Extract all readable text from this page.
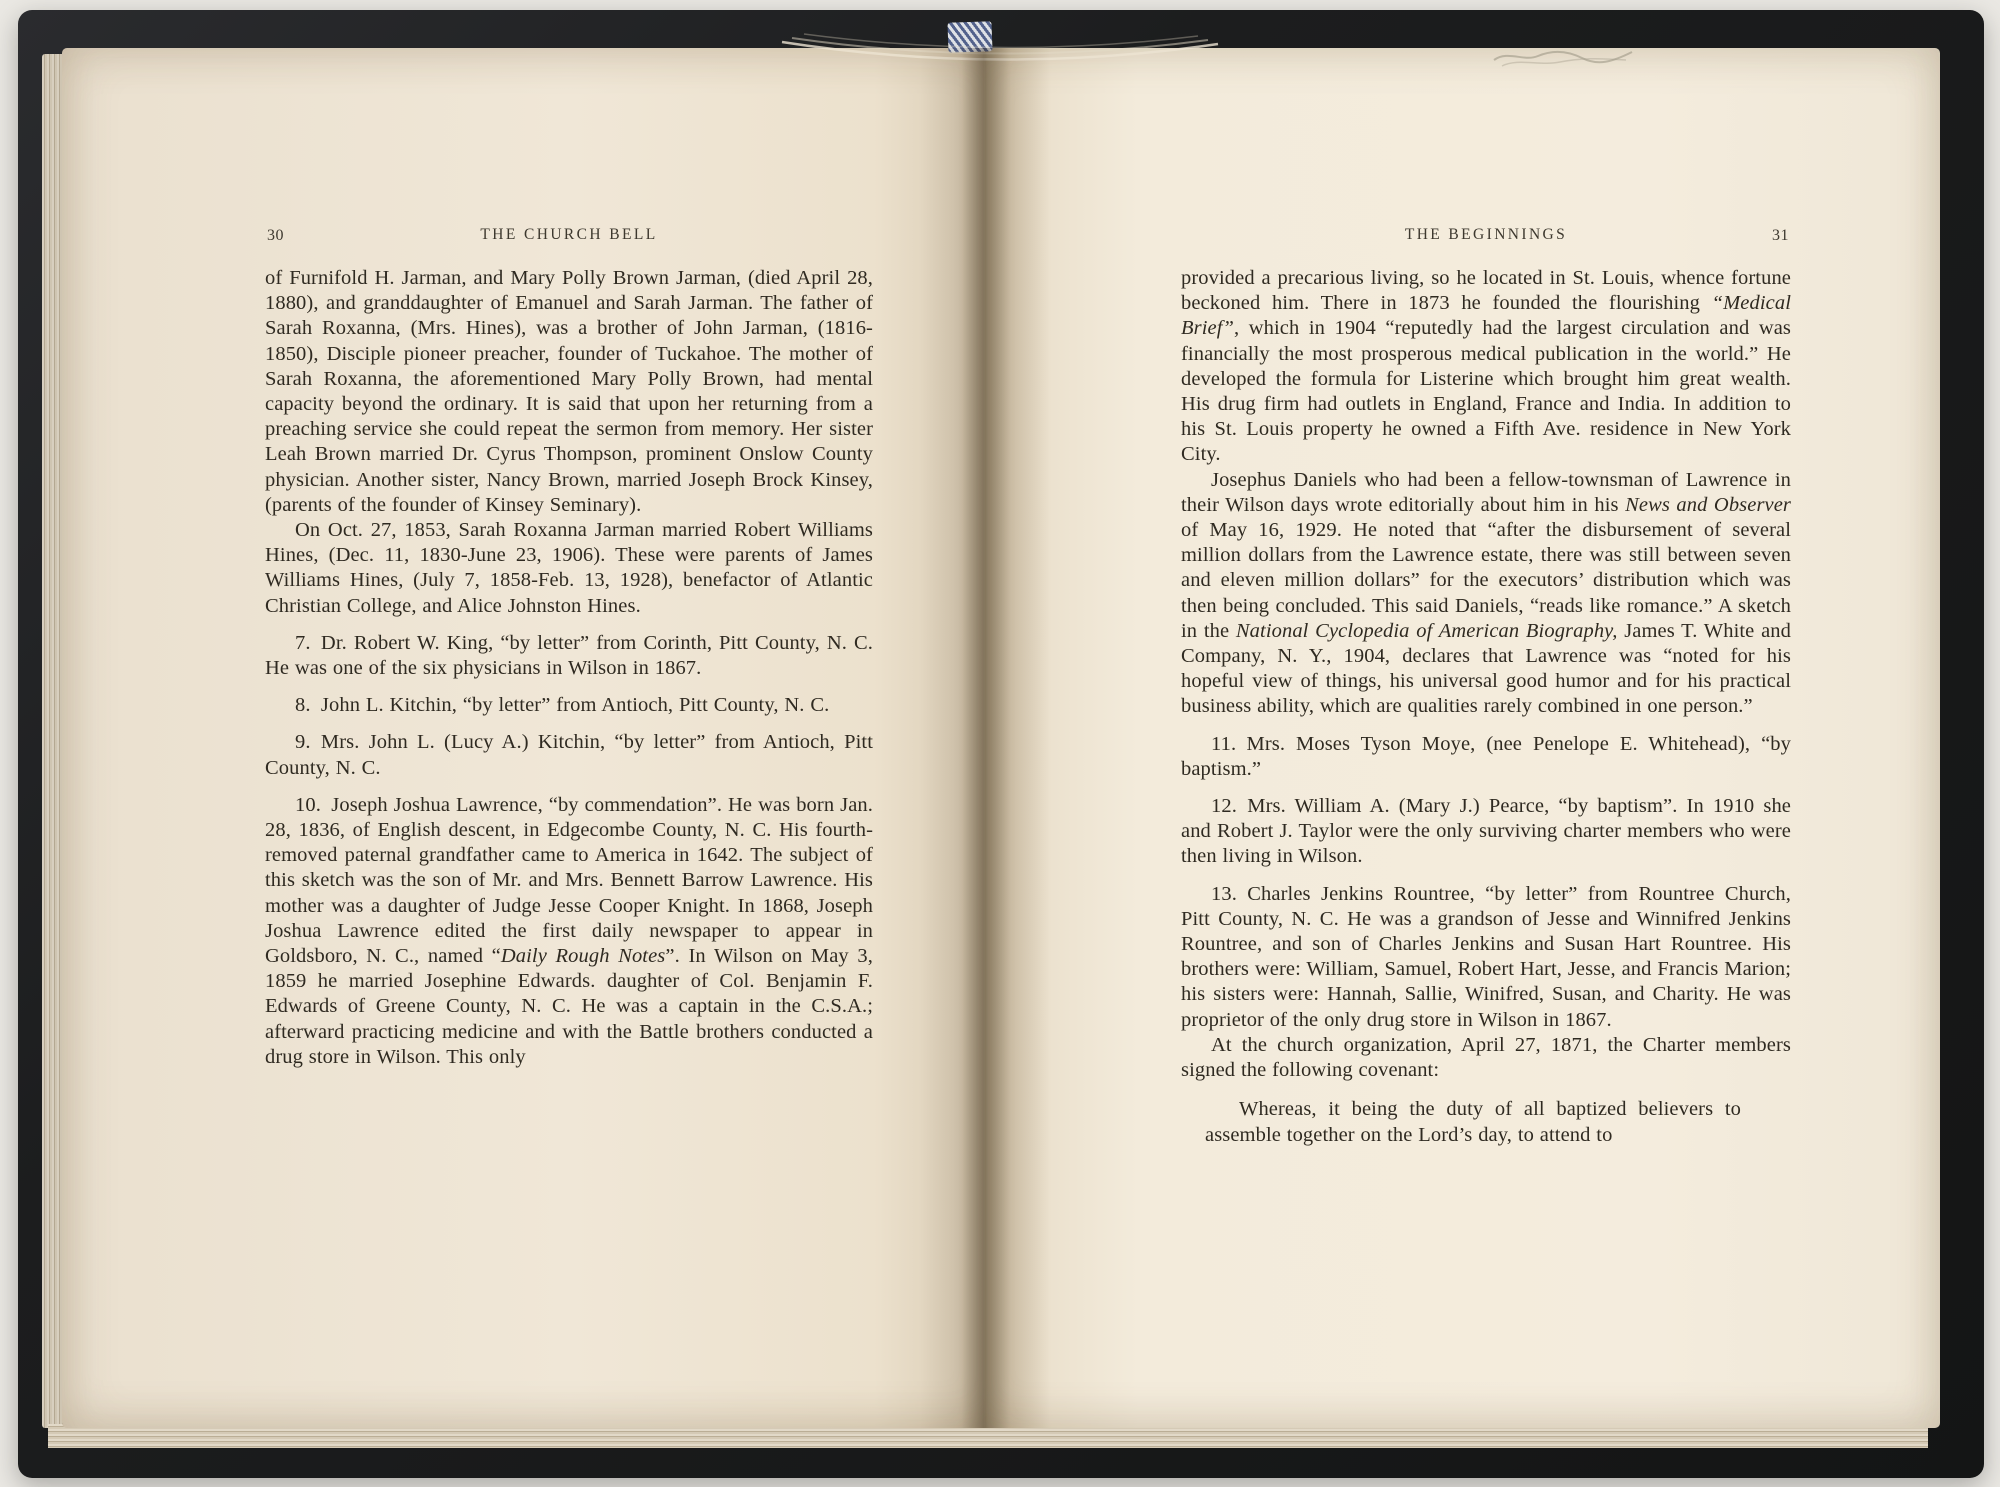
30	THE CHURCH BELL

of Furnifold H. Jarman, and Mary Polly Brown Jarman, (died April 28, 1880), and granddaughter of Emanuel and Sarah Jarman. The father of Sarah Roxanna, (Mrs. Hines), was a brother of John Jarman, (1816-1850), Disciple pioneer preacher, founder of Tuckahoe. The mother of Sarah Roxanna, the aforementioned Mary Polly Brown, had mental capacity beyond the ordinary. It is said that upon her returning from a preaching service she could repeat the sermon from memory. Her sister Leah Brown married Dr. Cyrus Thompson, prominent Onslow County physician. Another sister, Nancy Brown, married Joseph Brock Kinsey, (parents of the founder of Kinsey Seminary).

On Oct. 27, 1853, Sarah Roxanna Jarman married Robert Williams Hines, (Dec. 11, 1830-June 23, 1906). These were parents of James Williams Hines, (July 7, 1858-Feb. 13, 1928), benefactor of Atlantic Christian College, and Alice Johnston Hines.

7. Dr. Robert W. King, “by letter” from Corinth, Pitt County, N. C. He was one of the six physicians in Wilson in 1867.

8. John L. Kitchin, “by letter” from Antioch, Pitt County, N. C.

9. Mrs. John L. (Lucy A.) Kitchin, “by letter” from Antioch, Pitt County, N. C.

10. Joseph Joshua Lawrence, “by commendation”. He was born Jan. 28, 1836, of English descent, in Edgecombe County, N. C. His fourth-removed paternal grandfather came to America in 1642. The subject of this sketch was the son of Mr. and Mrs. Bennett Barrow Lawrence. His mother was a daughter of Judge Jesse Cooper Knight. In 1868, Joseph Joshua Lawrence edited the first daily newspaper to appear in Goldsboro, N. C., named “Daily Rough Notes”. In Wilson on May 3, 1859 he married Josephine Edwards. daughter of Col. Benjamin F. Edwards of Greene County, N. C. He was a captain in the C.S.A.; afterward practicing medicine and with the Battle brothers conducted a drug store in Wilson. This only

THE BEGINNINGS	31

provided a precarious living, so he located in St. Louis, whence fortune beckoned him. There in 1873 he founded the flourishing “Medical Brief”, which in 1904 “reputedly had the largest circulation and was financially the most prosperous medical publication in the world.” He developed the formula for Listerine which brought him great wealth. His drug firm had outlets in England, France and India. In addition to his St. Louis property he owned a Fifth Ave. residence in New York City.

Josephus Daniels who had been a fellow-townsman of Lawrence in their Wilson days wrote editorially about him in his News and Observer of May 16, 1929. He noted that “after the disbursement of several million dollars from the Lawrence estate, there was still between seven and eleven million dollars” for the executors’ distribution which was then being concluded. This said Daniels, “reads like romance.” A sketch in the National Cyclopedia of American Biography, James T. White and Company, N. Y., 1904, declares that Lawrence was “noted for his hopeful view of things, his universal good humor and for his practical business ability, which are qualities rarely combined in one person.”

11. Mrs. Moses Tyson Moye, (nee Penelope E. Whitehead), “by baptism.”

12. Mrs. William A. (Mary J.) Pearce, “by baptism”. In 1910 she and Robert J. Taylor were the only surviving charter members who were then living in Wilson.

13. Charles Jenkins Rountree, “by letter” from Rountree Church, Pitt County, N. C. He was a grandson of Jesse and Winnifred Jenkins Rountree, and son of Charles Jenkins and Susan Hart Rountree. His brothers were: William, Samuel, Robert Hart, Jesse, and Francis Marion; his sisters were: Hannah, Sallie, Winifred, Susan, and Charity. He was proprietor of the only drug store in Wilson in 1867.

At the church organization, April 27, 1871, the Charter members signed the following covenant:

Whereas, it being the duty of all baptized believers to assemble together on the Lord’s day, to attend to
